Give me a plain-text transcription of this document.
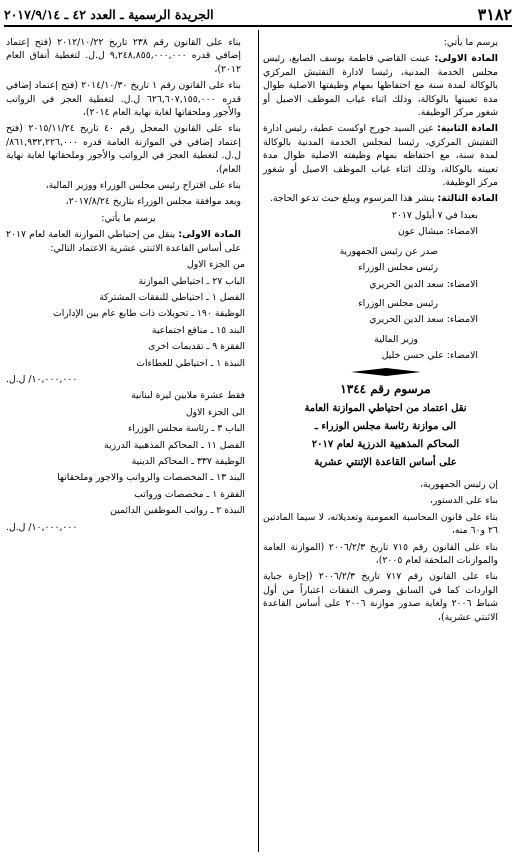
الجريدة الرسمية ـ العدد ٤٢ ـ ٢٠١٧/٩/١٤	٣١٨٢

يرسم ما يأتي:

المادة الاولى: عينت القاضي فاطمة يوسف الصايغ، رئيس مجلس الخدمة المدنية، رئيسا لادارة التفتيش المركزي بالوكالة لمدة سنة مع احتفاظها بمهام وظيفتها الاصلية طوال مدة تعيينها بالوكالة، وذلك اثناء غياب الموظف الاصيل أو شغور مركز الوظيفة.

المادة الثانية: عين السيد جورج اوكست عطية، رئيس ادارة التفتيش المركزي، رئيسا لمجلس الخدمة المدنية بالوكالة لمدة سنة، مع احتفاظه بمهام وظيفته الاصلية طوال مدة تعيينه بالوكالة، وذلك اثناء غياب الموظف الاصيل أو شغور مركز الوظيفة.

المادة الثالثة: ينشر هذا المرسوم ويبلغ حيث تدعو الحاجة.

بعبدا في ٧ أيلول ٢٠١٧

الامضاء: ميشال عون

صدر عن رئيس الجمهورية

رئيس مجلس الوزراء

الامضاء: سعد الدين الحريري

رئيس مجلس الوزراء

الامضاء: سعد الدين الحريري

وزير المالية

الامضاء: علي حسن خليل

مرسوم رقم ١٣٤٤
نقل اعتماد من احتياطي الموازنة العامة
الى موازنة رئاسة مجلس الوزراء ـ
المحاكم المذهبية الدرزية لعام ٢٠١٧
على أساس القاعدة الإثنتي عشرية

إن رئيس الجمهورية،

بناء على الدستور،

بناء على قانون المحاسبة العمومية وتعديلاته، لا سيما المادتين ٢٦ و٦٠ منه،

بناء على القانون رقم ٧١٥ تاريخ ٢٠٠٦/٢/٣ (الموازنة العامة والموازنات الملحقة لعام ٢٠٠٥)،

بناء على القانون رقم ٧١٧ تاريخ ٢٠٠٦/٢/٣ (إجازة جباية الواردات كما في السابق وصرف النفقات اعتباراً من أول شباط ٢٠٠٦ ولغاية صدور موازنة ٢٠٠٦ على أساس القاعدة الاثنتي عشرية)،

بناء على القانون رقم ٢٣٨ تاريخ ٢٠١٢/١٠/٢٢ (فتح إعتماد إضافي قدره ٩,٢٤٨,٨٥٥,٠٠٠,٠٠٠ ل.ل. لتغطية أنفاق العام ٢٠١٢)،

بناء على القانون رقم ١ تاريخ ٢٠١٤/١٠/٣٠ (فتح إعتماد إضافي قدره ٦٢٦,٦٠٧,١٥٥,٠٠٠ ل.ل. لتغطية العجز في الرواتب والأجور وملحقاتها لغاية نهاية العام ٢٠١٤)،

بناء على القانون المعجل رقم ٤٠ تاريخ ٢٠١٥/١١/٢٤ (فتح إعتماد إضافي في الموازنة العامة قدره ٨٦١,٩٣٢,٢٢٦,٠٠٠/ ل.ل. لتغطية العجز في الرواتب والأجور وملحقاتها لغاية نهاية العام)،

بناء على اقتراح رئيس مجلس الوزراء ووزير المالية،

وبعد موافقة مجلس الوزراء بتاريخ ٢٠١٧/٨/٢٤،

يرسم ما يأتي:

المادة الاولى: ينقل من إحتياطي الموازنة العامة لعام ٢٠١٧ على أساس القاعدة الاثنتي عشرية الاعتماد التالي:

من الجزء الاول

الباب ٢٧ ـ احتياطي الموازنة

الفصل ١ ـ احتياطي للنفقات المشتركة

الوظيفة ١٩٠ ـ تحويلات ذات طابع عام بين الإدارات

البند ١٥ ـ منافع اجتماعية

الفقرة ٩ ـ تقديمات اخرى

النبذة ١ ـ احتياطي للعطاءات

١٠,٠٠٠,٠٠٠/ ل.ل.

فقط عشرة ملايين ليرة لبنانية

الى الجزء الاول

الباب ٣ ـ رئاسة مجلس الوزراء

الفصل ١١ ـ المحاكم المذهبية الدرزية

الوظيفة ٣٣٧ ـ المحاكم الدينية

البند ١٣ ـ المخصصات والرواتب والاجور وملحقاتها

الفقرة ١ ـ مخصصات ورواتب

النبذة ٢ ـ رواتب الموظفين الدائمين

١٠,٠٠٠,٠٠٠/ ل.ل.
